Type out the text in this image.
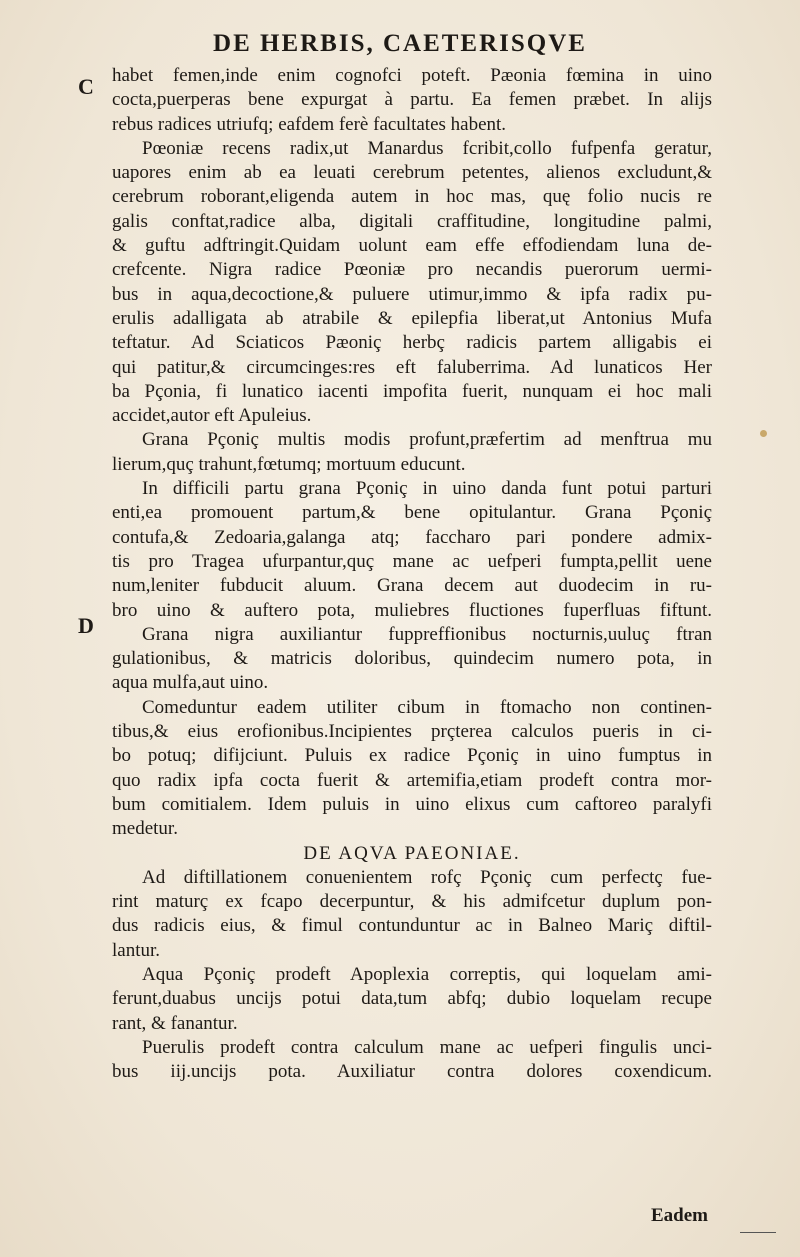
DE HERBIS, CAETERISQVE
C
D
habet femen,inde enim cognofci poteft. Pæonia fœmina in uino
cocta,puerperas bene expurgat à partu. Ea femen præbet. In alijs
rebus radices utriufq; eafdem ferè facultates habent.
Pœoniæ recens radix,ut Manardus fcribit,collo fufpenfa geratur,
uapores enim ab ea leuati cerebrum petentes, alienos excludunt,&
cerebrum roborant,eligenda autem in hoc mas, quę folio nucis re
galis conftat,radice alba, digitali craffitudine, longitudine palmi,
& guftu adftringit.Quidam uolunt eam effe effodiendam luna de-
crefcente. Nigra radice Pœoniæ pro necandis puerorum uermi-
bus in aqua,decoctione,& puluere utimur,immo & ipfa radix pu-
erulis adalligata ab atrabile & epilepfia liberat,ut Antonius Mufa
teftatur. Ad Sciaticos Pæoniç herbç radicis partem alligabis ei
qui patitur,& circumcinges:res eft faluberrima. Ad lunaticos Her
ba Pçonia, fi lunatico iacenti impofita fuerit, nunquam ei hoc mali
accidet,autor eft Apuleius.
Grana Pçoniç multis modis profunt,præfertim ad menftrua mu
lierum,quç trahunt,fœtumq; mortuum educunt.
In difficili partu grana Pçoniç in uino danda funt potui parturi
enti,ea promouent partum,& bene opitulantur. Grana Pçoniç
contufa,& Zedoaria,galanga atq; faccharo pari pondere admix-
tis pro Tragea ufurpantur,quç mane ac uefperi fumpta,pellit uene
num,leniter fubducit aluum. Grana decem aut duodecim in ru-
bro uino & auftero pota, muliebres fluctiones fuperfluas fiftunt.
Grana nigra auxiliantur fuppreffionibus nocturnis,uuluç ftran
gulationibus, & matricis doloribus, quindecim numero pota, in
aqua mulfa,aut uino.
Comeduntur eadem utiliter cibum in ftomacho non continen-
tibus,& eius erofionibus.Incipientes prçterea calculos pueris in ci-
bo potuq; difijciunt. Puluis ex radice Pçoniç in uino fumptus in
quo radix ipfa cocta fuerit & artemifia,etiam prodeft contra mor-
bum comitialem. Idem puluis in uino elixus cum caftoreo paralyfi
medetur.
DE AQVA PAEONIAE.
Ad diftillationem conuenientem rofç Pçoniç cum perfectç fue-
rint maturç ex fcapo decerpuntur, & his admifcetur duplum pon-
dus radicis eius, & fimul contunduntur ac in Balneo Mariç diftil-
lantur.
Aqua Pçoniç prodeft Apoplexia correptis, qui loquelam ami-
ferunt,duabus uncijs potui data,tum abfq; dubio loquelam recupe
rant, & fanantur.
Puerulis prodeft contra calculum mane ac uefperi fingulis unci-
bus iij.uncijs pota. Auxiliatur contra dolores coxendicum.
Eadem
